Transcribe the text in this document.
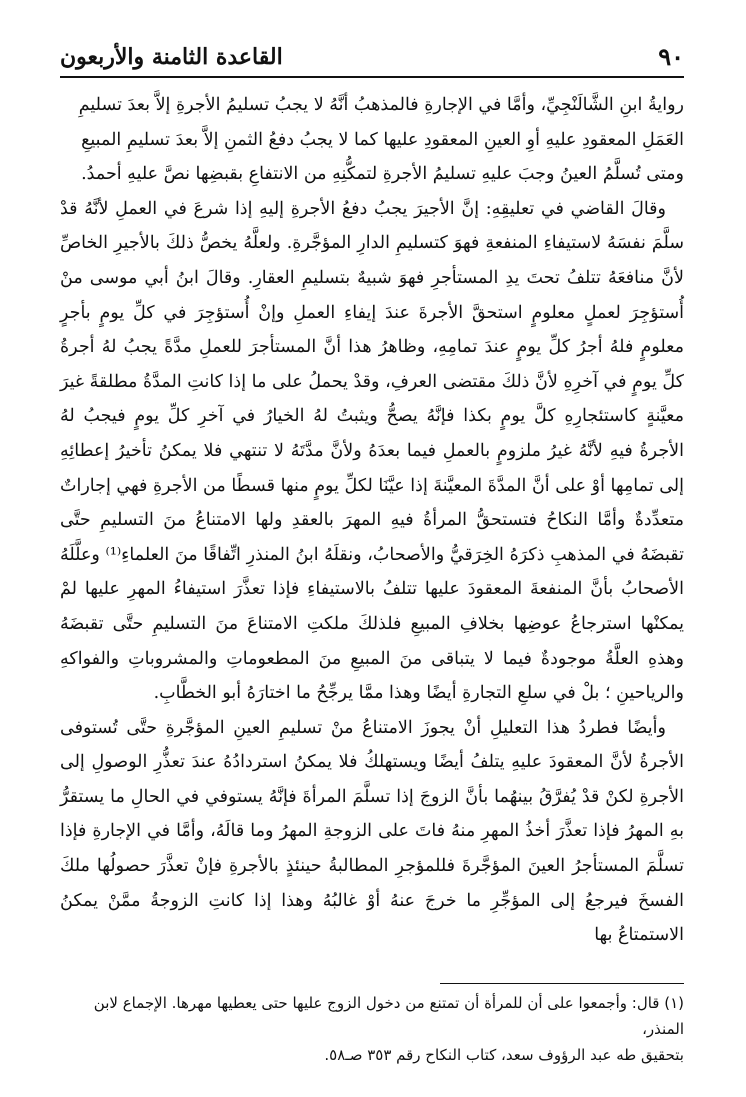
٩٠
القاعدة الثامنة والأربعون

روايةُ ابنِ الشَّالَنْجِيِّ، وأمَّا في الإجارةِ فالمذهبُ أنَّهُ لا يجبُ تسليمُ الأجرةِ إلاَّ بعدَ تسليمِ العَمَلِ المعقودِ عليهِ أوِ العينِ المعقودِ عليها كما لا يجبُ دفعُ الثمنِ إلاَّ بعدَ تسليمِ المبيعِ ومتى تُسلَّمُ العينُ وجبَ عليهِ تسليمُ الأجرةِ لتمكُّنِهِ من الانتفاعِ بقبضِها نصَّ عليهِ أحمدُ.

وقالَ القاضي في تعليقِهِ: إنَّ الأجيرَ يجبُ دفعُ الأجرةِ إليهِ إذا شرعَ في العملِ لأنَّهُ قدْ سلَّمَ نفسَهُ لاستيفاءِ المنفعةِ فهوَ كتسليمِ الدارِ المؤجَّرةِ. ولعلَّهُ يخصُّ ذلكَ بالأجيرِ الخاصِّ لأنَّ منافعَهُ تتلفُ تحتَ يدِ المستأجرِ فهوَ شبيهٌ بتسليمِ العقارِ. وقالَ ابنُ أبي موسى منْ أُستؤجِرَ لعملٍ معلومٍ استحقَّ الأجرةَ عندَ إيفاءِ العملِ وإنْ أُستؤجِرَ في كلِّ يومٍ بأجرٍ معلومٍ فلهُ أجرُ كلِّ يومٍ عندَ تمامِهِ، وظاهرُ هذا أنَّ المستأجرَ للعملِ مدَّةً يجبُ لهُ أجرةُ كلِّ يومٍ في آخرِهِ لأنَّ ذلكَ مقتضى العرفِ، وقدْ يحملُ على ما إذا كانتِ المدَّةُ مطلقةً غيرَ معيَّنةٍ كاستئجارِهِ كلَّ يومٍ بكذا فإنَّهُ يصحُّ ويثبتُ لهُ الخيارُ في آخرِ كلِّ يومٍ فيجبُ لهُ الأجرةُ فيهِ لأنَّهُ غيرُ ملزومٍ بالعملِ فيما بعدَهُ ولأنَّ مدَّتَهُ لا تنتهي فلا يمكنُ تأخيرُ إعطائِهِ إلى تمامِها أوْ على أنَّ المدَّةَ المعيَّنةَ إذا عيَّنَا لكلِّ يومٍ منها قسطًا من الأجرةِ فهي إجاراتٌ متعدِّدةٌ وأمَّا النكاحُ فتستحقُّ المرأةُ فيهِ المهرَ بالعقدِ ولها الامتناعُ منَ التسليمِ حتَّى تقبضَهُ في المذهبِ ذكرَهُ الخِرَقيُّ والأصحابُ، ونقلَهُ ابنُ المنذرِ اتِّفاقًا منَ العلماءِ⁽¹⁾ وعلَّلَهُ الأصحابُ بأنَّ المنفعةَ المعقودَ عليها تتلفُ بالاستيفاءِ فإذا تعذَّرَ استيفاءُ المهرِ عليها لمْ يمكنْها استرجاعُ عوضِها بخلافِ المبيعِ فلذلكَ ملكتِ الامتناعَ منَ التسليمِ حتَّى تقبضَهُ وهذهِ العلَّةُ موجودةٌ فيما لا يتباقى منَ المبيعِ منَ المطعوماتِ والمشروباتِ والفواكهِ والرياحينِ ؛ بلْ في سلعِ التجارةِ أيضًا وهذا ممَّا يرجِّحُ ما اختارَهُ أبو الخطَّابِ.

وأيضًا فطردُ هذا التعليلِ أنْ يجوزَ الامتناعُ منْ تسليمِ العينِ المؤجَّرةِ حتَّى تُستوفى الأجرةُ لأنَّ المعقودَ عليهِ يتلفُ أيضًا ويستهلكُ فلا يمكنُ استردادُهُ عندَ تعذُّرِ الوصولِ إلى الأجرةِ لكنْ قدْ يُفرَّقُ بينهُما بأنَّ الزوجَ إذا تسلَّمَ المرأةَ فإنَّهُ يستوفي في الحالِ ما يستقرُّ بهِ المهرُ فإذا تعذَّرَ أخذُ المهرِ منهُ فاتَ على الزوجةِ المهرُ وما قالَهُ، وأمَّا في الإجارةِ فإذا تسلَّمَ المستأجرُ العينَ المؤجَّرةَ فللمؤجرِ المطالبةُ حينئذٍ بالأجرةِ فإنْ تعذَّرَ حصولُها ملكَ الفسخَ فيرجعُ إلى المؤجِّرِ ما خرجَ عنهُ أوْ غالبُهُ وهذا إذا كانتِ الزوجةُ ممَّنْ يمكنُ الاستمتاعُ بها

(١) قال: وأجمعوا على أن للمرأة أن تمتنع من دخول الزوج عليها حتى يعطيها مهرها. الإجماع لابن المنذر،

بتحقيق طه عبد الرؤوف سعد، كتاب النكاح رقم ٣٥٣ صـ٥٨.
